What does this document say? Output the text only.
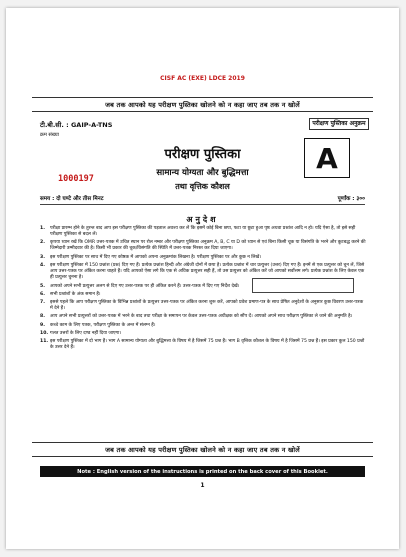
CISF AC (EXE) LDCE 2019
जब तक आपको यह परीक्षण पुस्तिका खोलने को न कहा जाए तब तक न खोलें
टी.बी.सी. : GAIP-A-TNS	परीक्षण पुस्तिका अनुक्रम
क्रम संख्या
परीक्षण पुस्तिका
सामान्य योग्यता और बुद्धिमत्ता
तथा वृत्तिक कौशल
1000197
A
समय : दो घण्टे और तीस मिनट	पूर्णांक : ३००
अनुदेश
1.	परीक्षा प्रारम्भ होने के तुरन्त बाद आप इस परीक्षण पुस्तिका की पड़ताल अवश्य कर लें कि इसमें कोई बिना छपा, फटा या छूटा हुआ पृष्ठ अथवा प्रश्नांश आदि न हो। यदि ऐसा है, तो इसे सही परीक्षण पुस्तिका से बदल लें।
2.	कृपया ध्यान रखें कि OMR उत्तर-पत्रक में उचित स्थान पर रोल नम्बर और परीक्षण पुस्तिका अनुक्रम A, B, C या D को ध्यान से एवं बिना किसी चूक या विसंगति के भरने और कूटबद्ध करने की जिम्मेदारी उम्मीदवार की है। किसी भी प्रकार की चूक/विसंगति की स्थिति में उत्तर-पत्रक निरस्त कर दिया जाएगा।
3.	इस परीक्षण पुस्तिका पर साथ में दिए गए कोष्ठक में आपको अपना अनुक्रमांक लिखना है। परीक्षण पुस्तिका पर और कुछ न लिखें।
4.	इस परीक्षण पुस्तिका में 150 प्रश्नांश (प्रश्न) दिए गए हैं। प्रत्येक प्रश्नांश हिन्दी और अंग्रेजी दोनों में छपा है। प्रत्येक प्रश्नांश में चार प्रत्युत्तर (उत्तर) दिए गए हैं। इनमें से एक प्रत्युत्तर को चुन लें, जिसे आप उत्तर-पत्रक पर अंकित करना चाहते हैं। यदि आपको ऐसा लगे कि एक से अधिक प्रत्युत्तर सही हैं, तो उस प्रत्युत्तर को अंकित करें जो आपको सर्वोत्तम लगे। प्रत्येक प्रश्नांश के लिए केवल एक ही प्रत्युत्तर चुनना है।
5.	आपको अपने सभी प्रत्युत्तर अलग से दिए गए उत्तर-पत्रक पर ही अंकित करने हैं। उत्तर-पत्रक में दिए गए निर्देश देखें।
6.	सभी प्रश्नांशों के अंक समान हैं।
7.	इससे पहले कि आप परीक्षण पुस्तिका के विभिन्न प्रश्नांशों के प्रत्युत्तर उत्तर-पत्रक पर अंकित करना शुरू करें, आपको प्रवेश प्रमाण-पत्र के साथ प्रेषित अनुदेशों के अनुसार कुछ विवरण उत्तर-पत्रक में देने हैं।
8.	आप अपने सभी प्रत्युत्तरों को उत्तर-पत्रक में भरने के बाद तथा परीक्षा के समापन पर केवल उत्तर-पत्रक अधीक्षक को सौंप दें। आपको अपने साथ परीक्षण पुस्तिका ले जाने की अनुमति है।
9.	कच्चे काम के लिए पत्रक, परीक्षण पुस्तिका के अन्त में संलग्न हैं।
10. गलत उत्तरों के लिए दण्ड नहीं दिया जाएगा।
11. इस परीक्षण पुस्तिका में दो भाग हैं। भाग A सामान्य योग्यता और बुद्धिमत्ता के विषय में है जिसमें 75 प्रश्न हैं। भाग B वृत्तिक कौशल के विषय में है जिसमें 75 प्रश्न हैं। इस प्रकार कुल 150 प्रश्नों के उत्तर देने हैं।
जब तक आपको यह परीक्षण पुस्तिका खोलने को न कहा जाए तब तक न खोलें
Note : English version of the instructions is printed on the back cover of this Booklet.
1
